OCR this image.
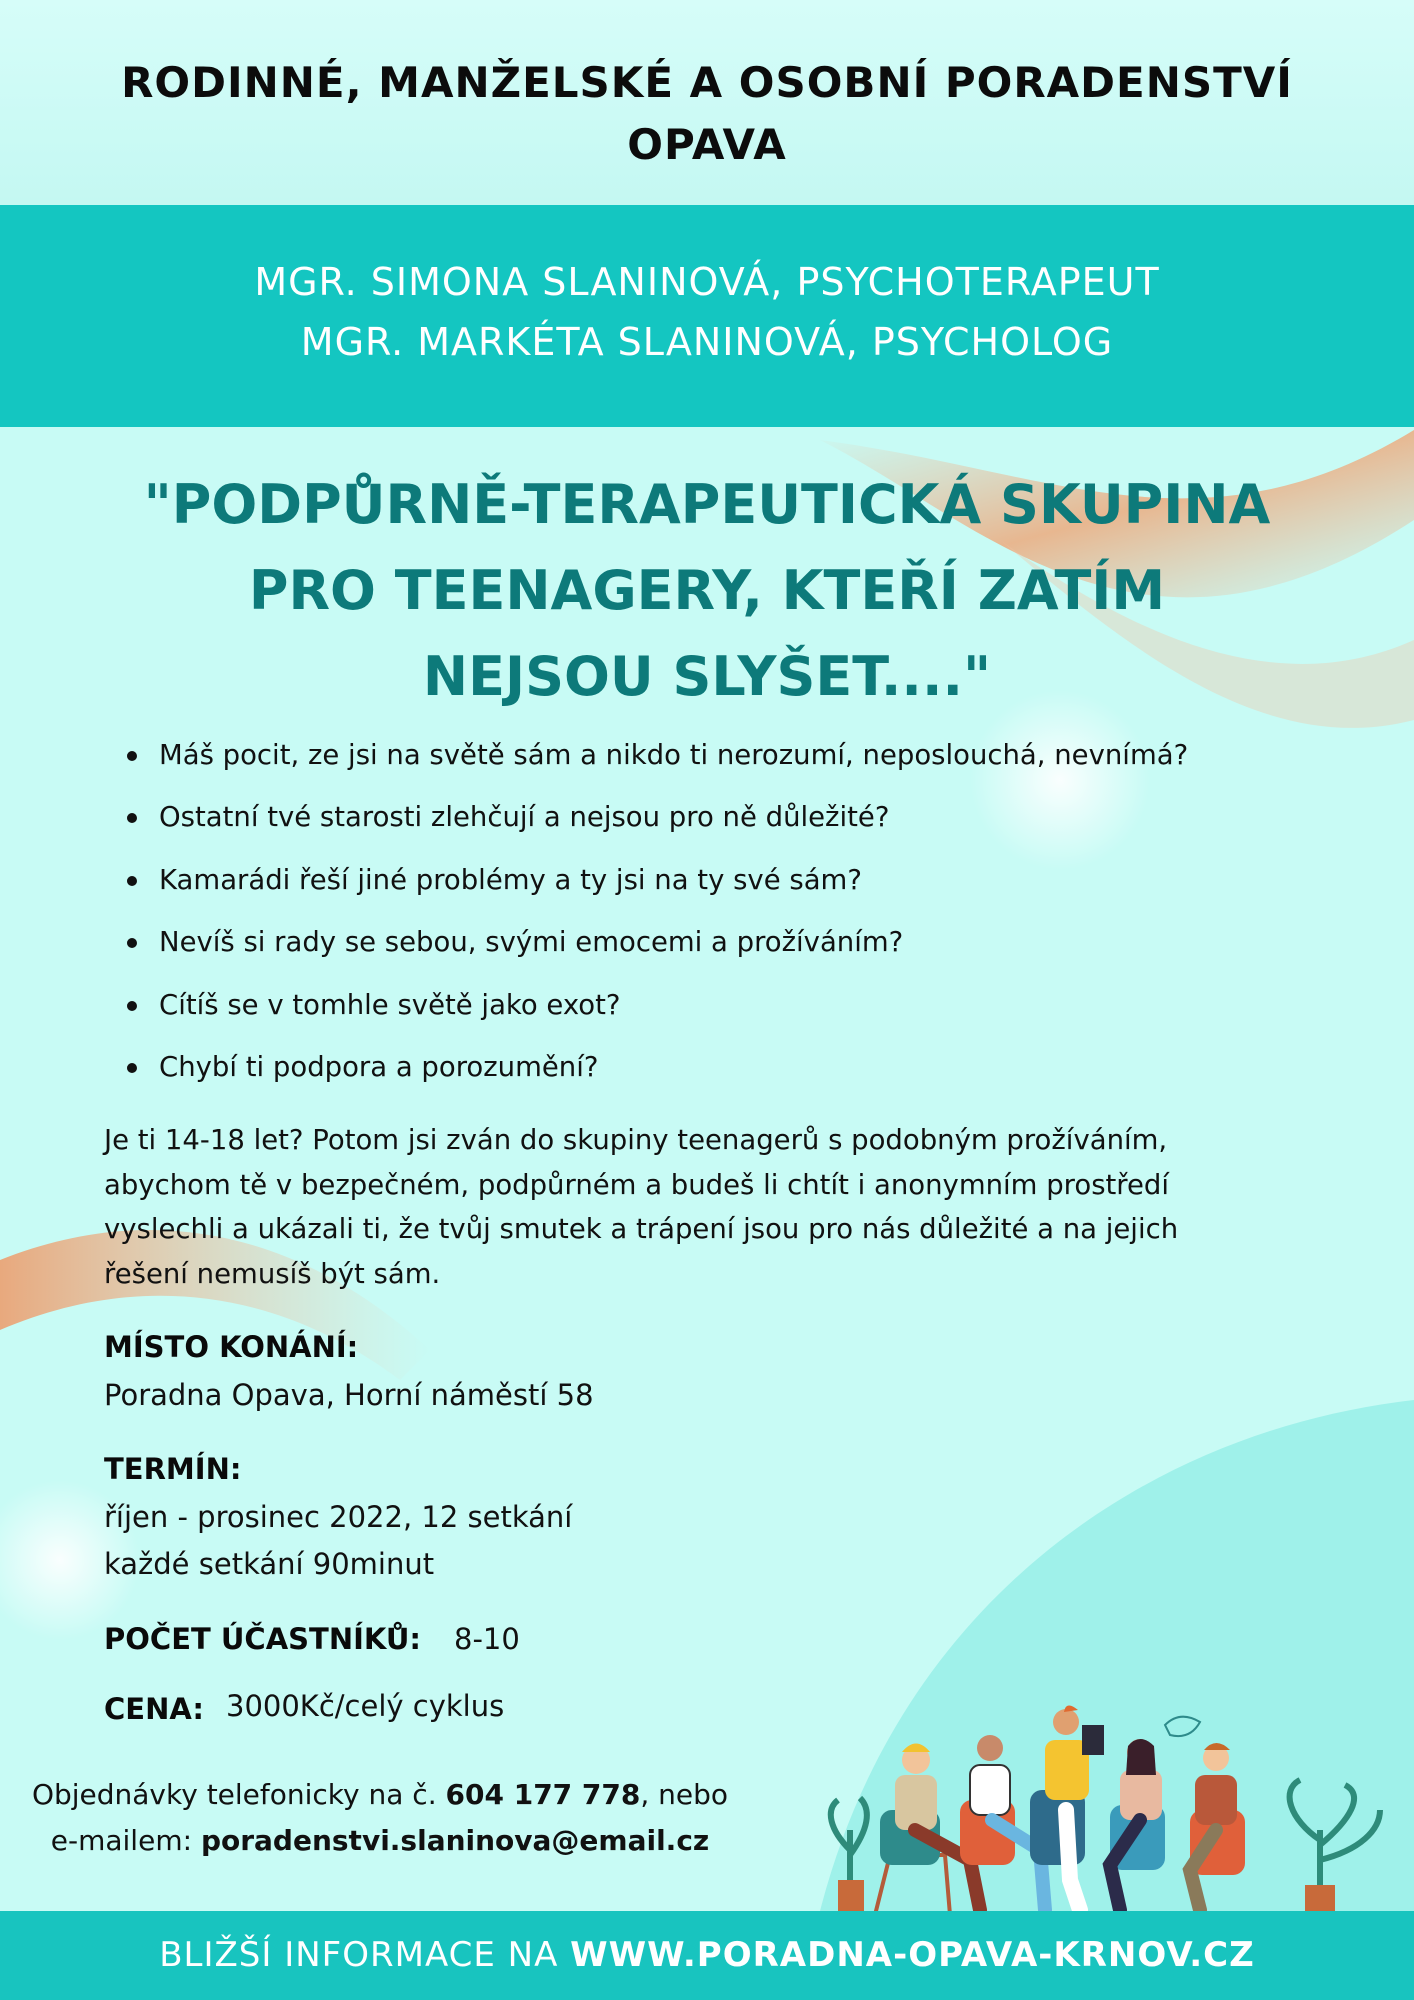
RODINNÉ, MANŽELSKÉ A OSOBNÍ PORADENSTVÍ
OPAVA
MGR. SIMONA SLANINOVÁ, PSYCHOTERAPEUT
MGR. MARKÉTA SLANINOVÁ, PSYCHOLOG
"PODPŮRNĚ-TERAPEUTICKÁ SKUPINA
PRO TEENAGERY, KTEŘÍ ZATÍM
NEJSOU SLYŠET...."
Máš pocit, ze jsi na světě sám a nikdo ti nerozumí, neposlouchá, nevnímá?
Ostatní tvé starosti zlehčují a nejsou pro ně důležité?
Kamarádi řeší jiné problémy a ty jsi na ty své sám?
Nevíš si rady se sebou, svými emocemi a prožíváním?
Cítíš se v tomhle světě jako exot?
Chybí ti podpora a porozumění?
Je ti 14-18 let? Potom jsi zván do skupiny teenagerů s podobným prožíváním,
abychom tě v bezpečném, podpůrném a budeš li chtít i anonymním prostředí
vyslechli a ukázali ti, že tvůj smutek a trápení jsou pro nás důležité a na jejich
řešení nemusíš být sám.
MÍSTO KONÁNÍ:
Poradna Opava, Horní náměstí 58
TERMÍN:
říjen - prosinec 2022, 12 setkání
každé setkání 90minut
POČET ÚČASTNÍKŮ: 8-10
CENA: 3000Kč/celý cyklus
Objednávky telefonicky na č. 604 177 778, nebo
e-mailem: poradenstvi.slaninova@email.cz
BLIŽŠÍ INFORMACE NA WWW.PORADNA-OPAVA-KRNOV.CZ
